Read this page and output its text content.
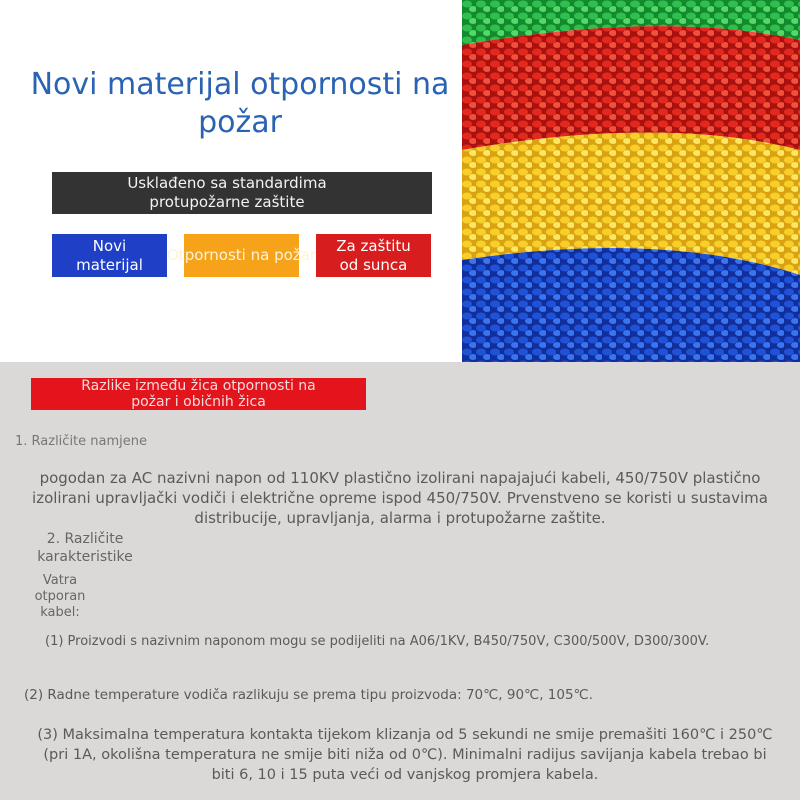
Novi materijal otpornosti na požar
Usklađeno sa standardima
protupožarne zaštite
Novi materijal
Otpornosti na požar
Za zaštitu od sunca
Razlike između žica otpornosti na
požar i običnih žica

1. Različite namjene

pogodan za AC nazivni napon od 110KV plastično izolirani napajajući kabeli, 450/750V plastično izolirani upravljački vodiči i električne opreme ispod 450/750V. Prvenstveno se koristi u sustavima distribucije, upravljanja, alarma i protupožarne zaštite.

2. Različite karakteristike

Vatra otporan kabel:

(1) Proizvodi s nazivnim naponom mogu se podijeliti na A06/1KV, B450/750V, C300/500V, D300/300V.

(2) Radne temperature vodiča razlikuju se prema tipu proizvoda: 70℃, 90℃, 105℃.

(3) Maksimalna temperatura kontakta tijekom klizanja od 5 sekundi ne smije premašiti 160℃ i 250℃ (pri 1A, okolišna temperatura ne smije biti niža od 0℃). Minimalni radijus savijanja kabela trebao bi biti 6, 10 i 15 puta veći od vanjskog promjera kabela.
